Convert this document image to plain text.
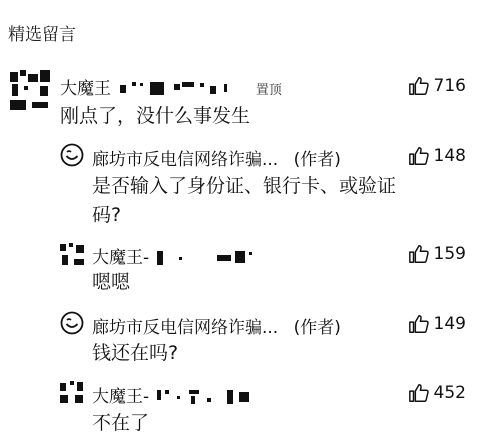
精选留言
大魔王	置顶	716
刚点了，没什么事发生
廊坊市反电信网络诈骗... (作者)	148
是否输入了身份证、银行卡、或验证
码?
大魔王-	159
嗯嗯
廊坊市反电信网络诈骗... (作者)	149
钱还在吗?
大魔王-	452
不在了
